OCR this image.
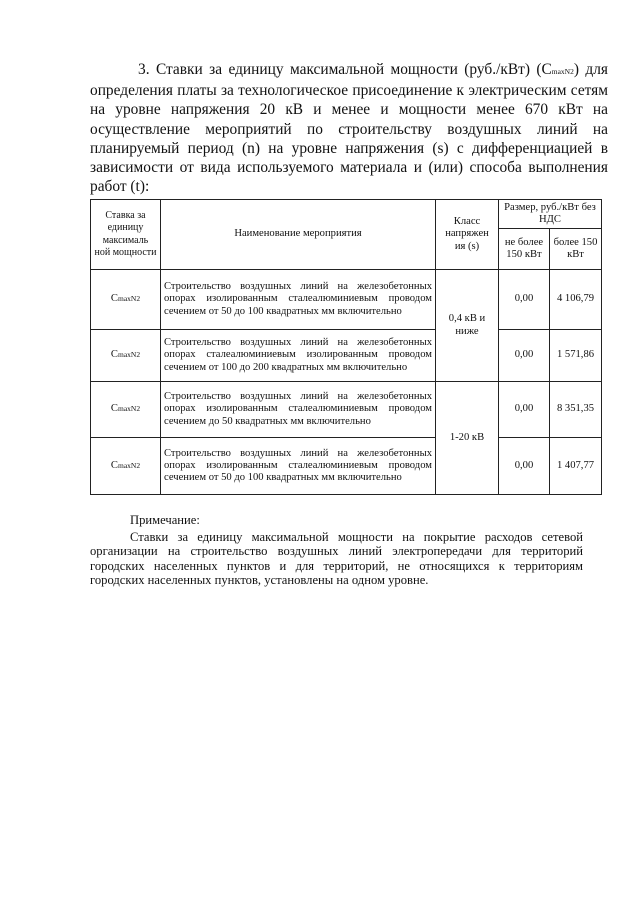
3. Ставки за единицу максимальной мощности (руб./кВт) (СmaxN2) для определения платы за технологическое присоединение к электрическим сетям на уровне напряжения 20 кВ и менее и мощности менее 670 кВт на осуществление мероприятий по строительству воздушных линий на планируемый период (n) на уровне напряжения (s) с дифференциацией в зависимости от вида используемого материала и (или) способа выполнения работ (t):

Ставка за единицу максималь ной мощности	Наименование мероприятия	Класс напряжен ия (s)	Размер, руб./кВт без НДС	
			не более 150 кВт	более 150 кВт
СmaxN2	Строительство воздушных линий на железобетонных опорах изолированным сталеалюминиевым проводом сечением от 50 до 100 квадратных мм включительно	0,4 кВ и ниже	0,00	4 106,79
СmaxN2	Строительство воздушных линий на железобетонных опорах сталеалюминиевым изолированным проводом сечением от 100 до 200 квадратных мм включительно		0,00	1 571,86
СmaxN2	Строительство воздушных линий на железобетонных опорах изолированным сталеалюминиевым проводом сечением до 50 квадратных мм включительно	1-20 кВ	0,00	8 351,35
СmaxN2	Строительство воздушных линий на железобетонных опорах изолированным сталеалюминиевым проводом сечением от 50 до 100 квадратных мм включительно		0,00	1 407,77

Примечание:

Ставки за единицу максимальной мощности на покрытие расходов сетевой организации на строительство воздушных линий электропередачи для территорий городских населенных пунктов и для территорий, не относящихся к территориям городских населенных пунктов, установлены на одном уровне.
